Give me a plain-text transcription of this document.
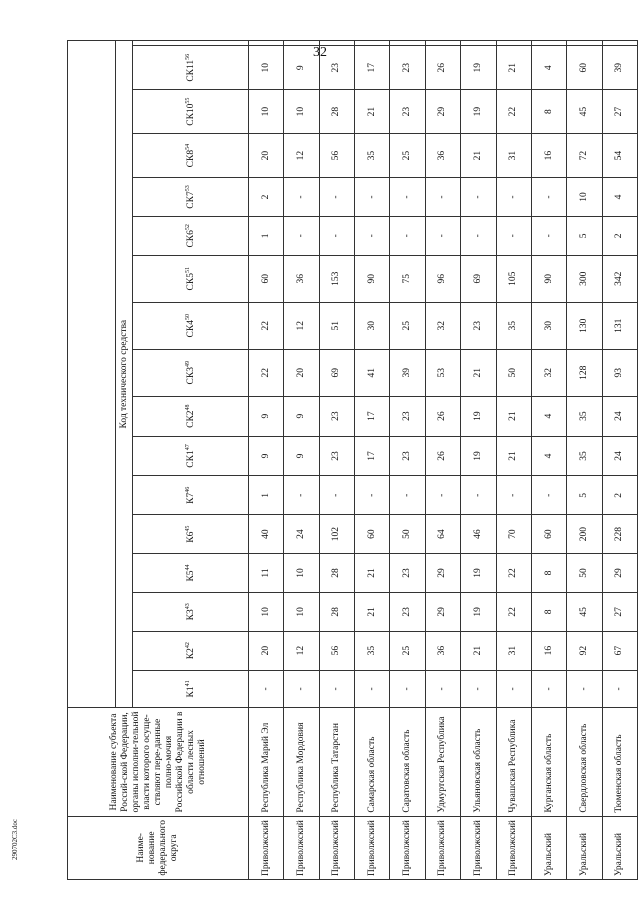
32
290702C3.doc	Наиме-нование федерального округа	Наименование субъекта Россий-ской Федерации, органы исполни-тельной власти которого осуще-ствляют пере-данные полно-мочия Российской Федерации в области лесных отношений																	
		Код технического средства																
		$К1^{41}$	$К2^{42}$	$К3^{43}$	$К5^{44}$	$К6^{45}$	$К7^{46}$	$СК1^{47}$	$СК2^{48}$	$СК3^{49}$	$СК4^{50}$	$СК5^{51}$	$СК6^{52}$	$СК7^{53}$	$СК8^{54}$	$СК10^{55}$	$СК11^{56}$	
Приволжский	Республика Марий Эл	-	20	10	11	40	1	9	9	22	22	60	1	2	20	10	10	
Приволжский	Республика Мордовия	-	12	10	10	24	-	9	9	20	12	36	-	-	12	10	9	
Приволжский	Республика Татарстан	-	56	28	28	102	-	23	23	69	51	153	-	-	56	28	23	
Приволжский	Самарская область	-	35	21	21	60	-	17	17	41	30	90	-	-	35	21	17	
Приволжский	Саратовская область	-	25	23	23	50	-	23	23	39	25	75	-	-	25	23	23	
Приволжский	Удмуртская Республика	-	36	29	29	64	-	26	26	53	32	96	-	-	36	29	26	
Приволжский	Ульяновская область	-	21	19	19	46	-	19	19	21	23	69	-	-	21	19	19	
Приволжский	Чувашская Республика	-	31	22	22	70	-	21	21	50	35	105	-	-	31	22	21	
Уральский	Курганская область	-	16	8	8	60	-	4	4	32	30	90	-	-	16	8	4	
Уральский	Свердловская область	-	92	45	50	200	5	35	35	128	130	300	5	10	72	45	60	
Уральский	Тюменская область	-	67	27	29	228	2	24	24	93	131	342	2	4	54	27	39	
